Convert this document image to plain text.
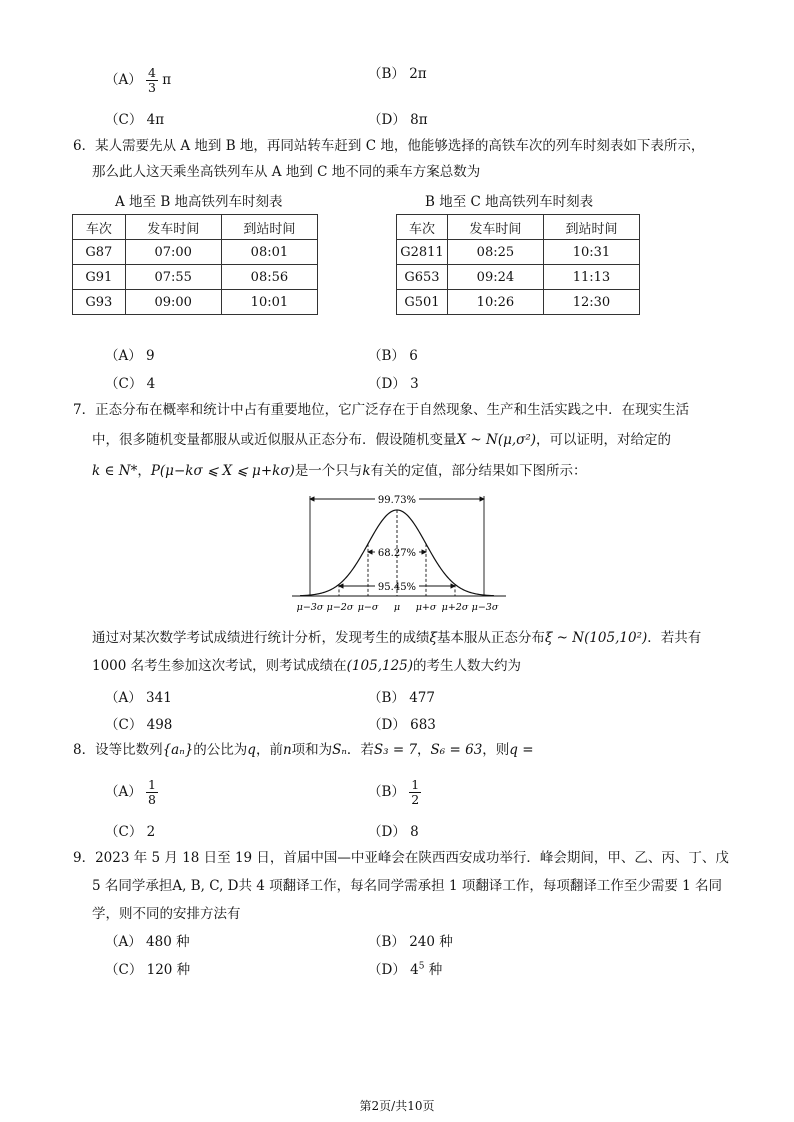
$(A) \frac{4}{3}$ π	（B） 2π
（C） 4π	（D） 8π
6．某人需要先从 A 地到 B 地，再同站转车赶到 C 地，他能够选择的高铁车次的列车时刻表如下表所示，
那么此人这天乘坐高铁列车从 A 地到 C 地不同的乘车方案总数为
A 地至 B 地高铁列车时刻表
车次	发车时间	到站时间
G87	07:00	08:01
G91	07:55	08:56
G93	09:00	10:01
B 地至 C 地高铁列车时刻表
车次	发车时间	到站时间
G2811	08:25	10:31
G653	09:24	11:13
G501	10:26	12:30
（A） 9	（B） 6
（C） 4	（D） 3
7．正态分布在概率和统计中占有重要地位，它广泛存在于自然现象、生产和生活实践之中．在现实生活
中，很多随机变量都服从或近似服从正态分布．假设随机变量X ~ N(μ,σ²)，可以证明，对给定的
k ∈ N*，P(μ−kσ ⩽ X ⩽ μ+kσ)是一个只与k有关的定值，部分结果如下图所示：
68.27%
95.45%
99.73%
μ−3σ μ−2σ μ−σ μ μ+σ μ+2σ μ−3σ
通过对某次数学考试成绩进行统计分析，发现考生的成绩ξ基本服从正态分布ξ ~ N(105,10²)．若共有
1000 名考生参加这次考试，则考试成绩在(105,125)的考生人数大约为
（A） 341	（B） 477
（C） 498	（D） 683
8．设等比数列{aₙ}的公比为q，前n项和为Sₙ．若S₃ = 7，S₆ = 63，则q =
$(A) \frac{1}{8}$	$(B) \frac{1}{2}$
（C） 2	（D） 8
9．2023 年 5 月 18 日至 19 日，首届中国—中亚峰会在陕西西安成功举行．峰会期间，甲、乙、丙、丁、戊
5 名同学承担A, B, C, D共 4 项翻译工作，每名同学需承担 1 项翻译工作，每项翻译工作至少需要 1 名同
学，则不同的安排方法有
（A） 480 种	（B） 240 种
（C） 120 种	（D） $4^5$ 种
第2页/共10页
